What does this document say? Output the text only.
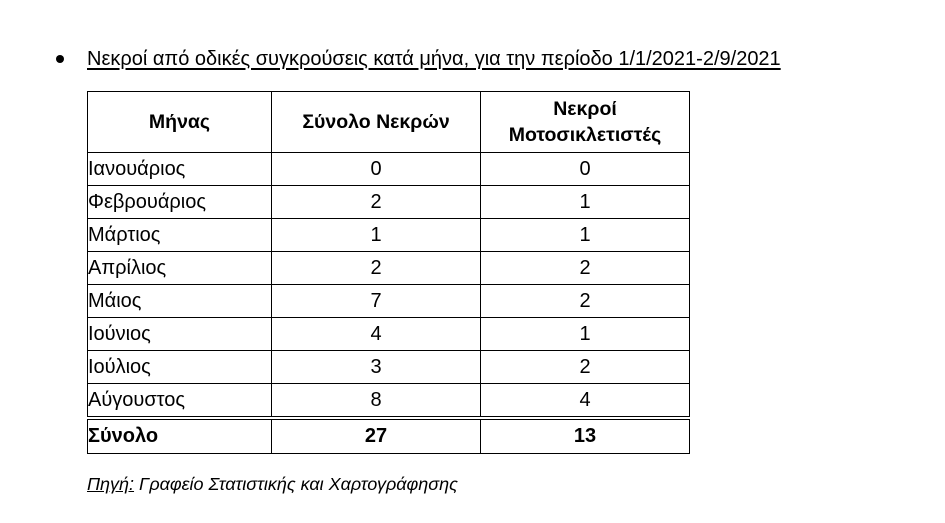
Νεκροί από οδικές συγκρούσεις κατά μήνα, για την περίοδο 1/1/2021-2/9/2021
Μήνας	Σύνολο Νεκρών	Νεκροί Μοτοσικλετιστές
Ιανουάριος	0	0
Φεβρουάριος	2	1
Μάρτιος	1	1
Απρίλιος	2	2
Μάιος	7	2
Ιούνιος	4	1
Ιούλιος	3	2
Αύγουστος	8	4
Σύνολο	27	13
Πηγή: Γραφείο Στατιστικής και Χαρτογράφησης
